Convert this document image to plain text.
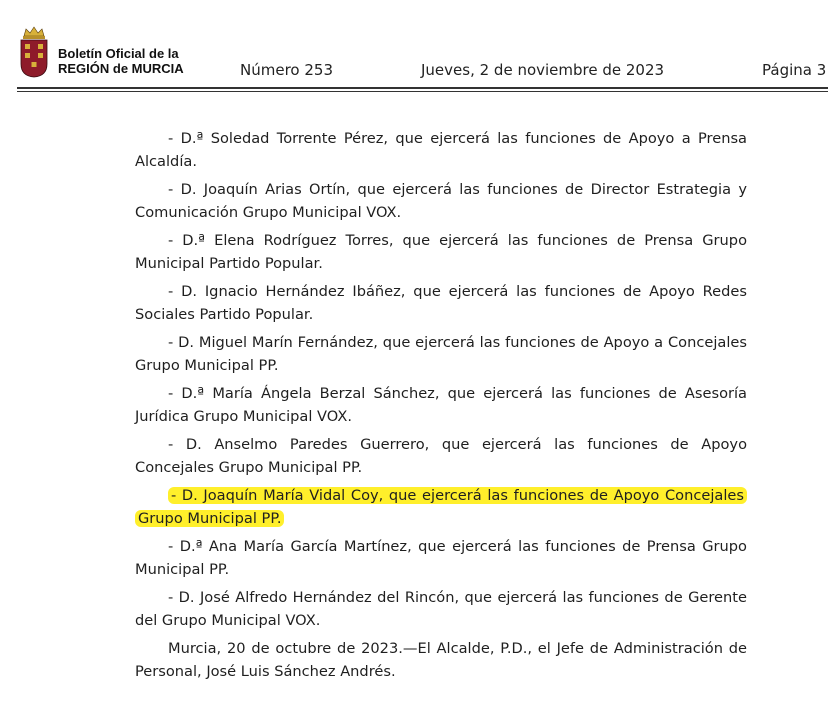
Boletín Oficial de la
REGIÓN de MURCIA	Número 253	Jueves, 2 de noviembre de 2023	Página 3

- D.ª Soledad Torrente Pérez, que ejercerá las funciones de Apoyo a Prensa Alcaldía.

- D. Joaquín Arias Ortín, que ejercerá las funciones de Director Estrategia y Comunicación Grupo Municipal VOX.

- D.ª Elena Rodríguez Torres, que ejercerá las funciones de Prensa Grupo Municipal Partido Popular.

- D. Ignacio Hernández Ibáñez, que ejercerá las funciones de Apoyo Redes Sociales Partido Popular.

- D. Miguel Marín Fernández, que ejercerá las funciones de Apoyo a Concejales Grupo Municipal PP.

- D.ª María Ángela Berzal Sánchez, que ejercerá las funciones de Asesoría Jurídica Grupo Municipal VOX.

- D. Anselmo Paredes Guerrero, que ejercerá las funciones de Apoyo Concejales Grupo Municipal PP.

- D. Joaquín María Vidal Coy, que ejercerá las funciones de Apoyo Concejales Grupo Municipal PP.

- D.ª Ana María García Martínez, que ejercerá las funciones de Prensa Grupo Municipal PP.

- D. José Alfredo Hernández del Rincón, que ejercerá las funciones de Gerente del Grupo Municipal VOX.

Murcia, 20 de octubre de 2023.—El Alcalde, P.D., el Jefe de Administración de Personal, José Luis Sánchez Andrés.
